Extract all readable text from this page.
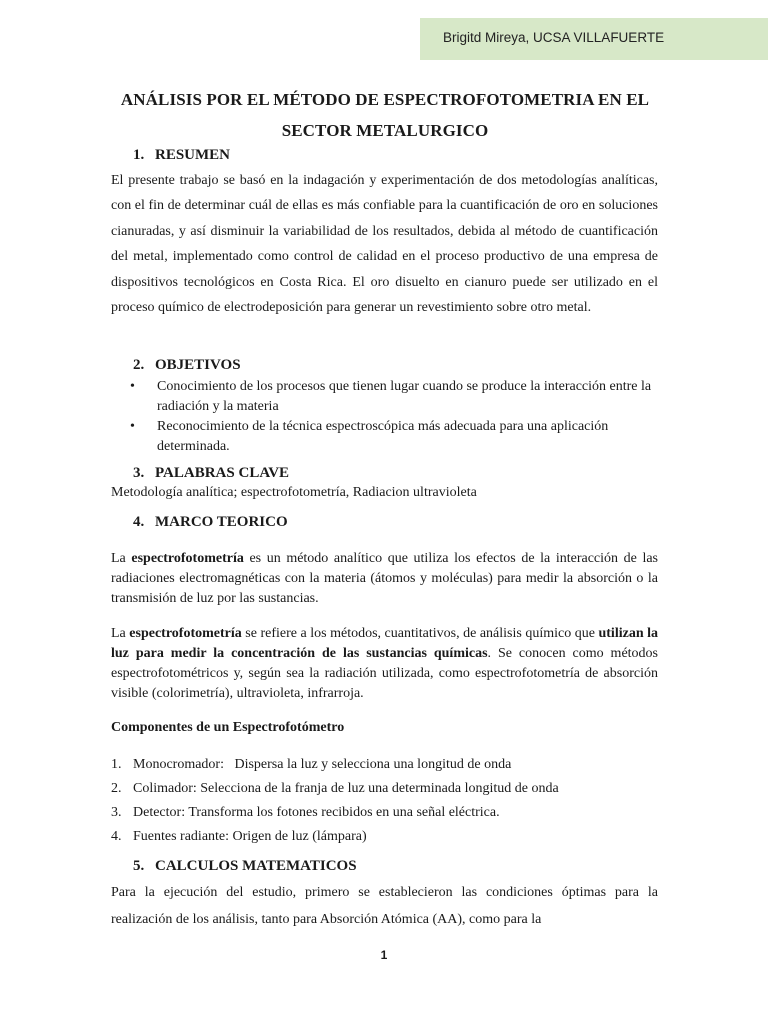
Brigitd Mireya, UCSA VILLAFUERTE
ANÁLISIS POR EL MÉTODO DE ESPECTROFOTOMETRIA EN EL SECTOR METALURGICO
1. RESUMEN

El presente trabajo se basó en la indagación y experimentación de dos metodologías analíticas, con el fin de determinar cuál de ellas es más confiable para la cuantificación de oro en soluciones cianuradas, y así disminuir la variabilidad de los resultados, debida al método de cuantificación del metal, implementado como control de calidad en el proceso productivo de una empresa de dispositivos tecnológicos en Costa Rica. El oro disuelto en cianuro puede ser utilizado en el proceso químico de electrodeposición para generar un revestimiento sobre otro metal.

2. OBJETIVOS
• Conocimiento de los procesos que tienen lugar cuando se produce la interacción entre la radiación y la materia
• Reconocimiento de la técnica espectroscópica más adecuada para una aplicación determinada.
3. PALABRAS CLAVE
Metodología analítica; espectrofotometría, Radiacion ultravioleta
4. MARCO TEORICO

La espectrofotometría es un método analítico que utiliza los efectos de la interacción de las radiaciones electromagnéticas con la materia (átomos y moléculas) para medir la absorción o la transmisión de luz por las sustancias.

La espectrofotometría se refiere a los métodos, cuantitativos, de análisis químico que utilizan la luz para medir la concentración de las sustancias químicas. Se conocen como métodos espectrofotométricos y, según sea la radiación utilizada, como espectrofotometría de absorción visible (colorimetría), ultravioleta, infrarroja.

Componentes de un Espectrofotómetro
1. Monocromador:   Dispersa la luz y selecciona una longitud de onda
2. Colimador: Selecciona de la franja de luz una determinada longitud de onda
3. Detector: Transforma los fotones recibidos en una señal eléctrica.
4. Fuentes radiante: Origen de luz (lámpara)
5. CALCULOS MATEMATICOS

Para la ejecución del estudio, primero se establecieron las condiciones óptimas para la realización de los análisis, tanto para Absorción Atómica (AA), como para la

1
